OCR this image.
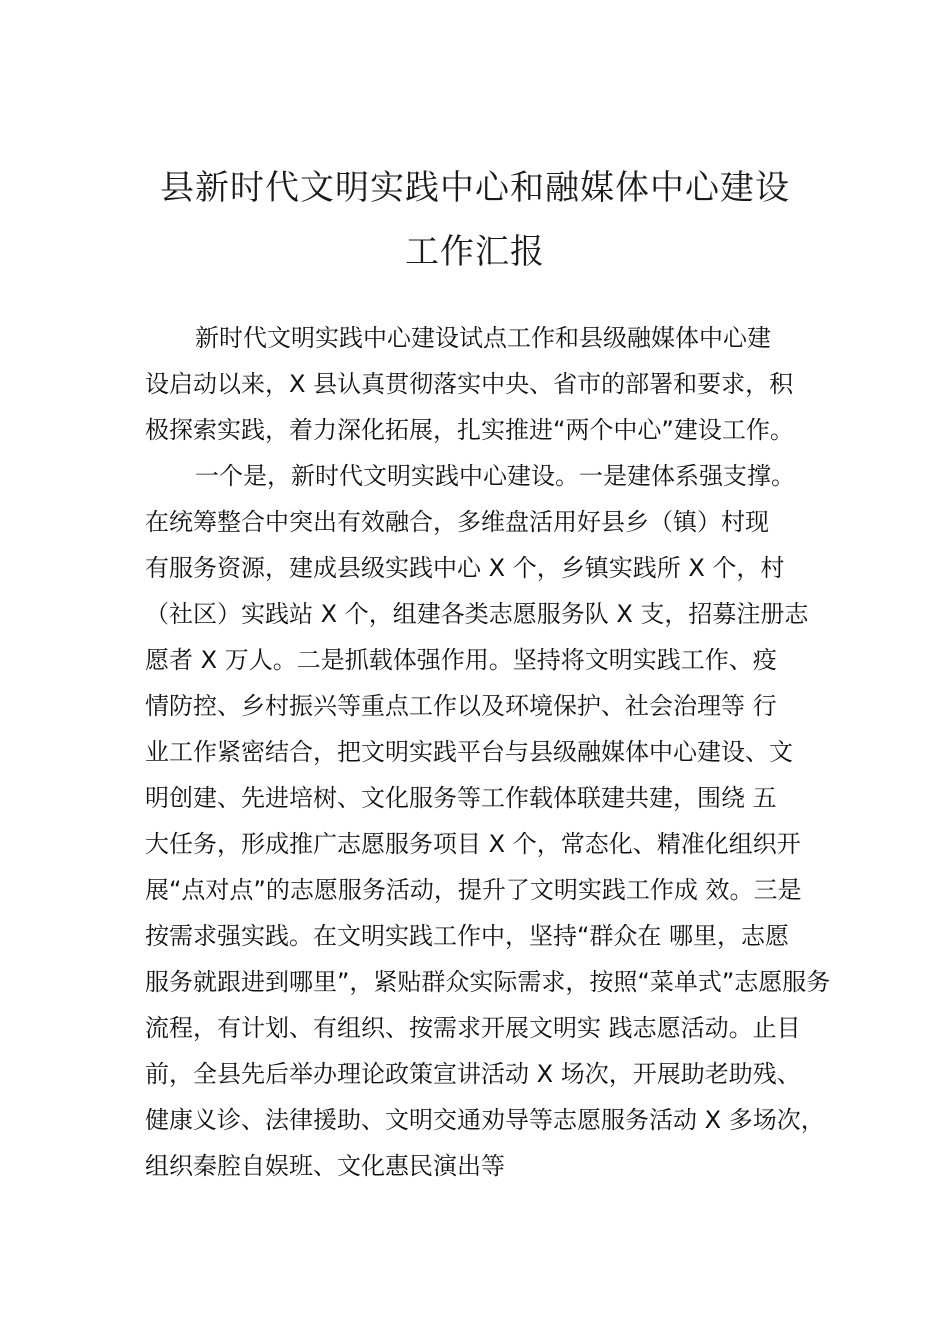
县新时代文明实践中心和融媒体中心建设
工作汇报
新时代文明实践中心建设试点工作和县级融媒体中心建
设启动以来，X 县认真贯彻落实中央、省市的部署和要求，积
极探索实践，着力深化拓展，扎实推进“两个中心”建设工作。
一个是，新时代文明实践中心建设。一是建体系强支撑。
在统筹整合中突出有效融合，多维盘活用好县乡（镇）村现
有服务资源，建成县级实践中心 X 个，乡镇实践所 X 个，村
（社区）实践站 X 个，组建各类志愿服务队 X 支，招募注册志
愿者 X 万人。二是抓载体强作用。坚持将文明实践工作、疫
情防控、乡村振兴等重点工作以及环境保护、社会治理等 行
业工作紧密结合，把文明实践平台与县级融媒体中心建设、文
明创建、先进培树、文化服务等工作载体联建共建，围绕 五
大任务，形成推广志愿服务项目 X 个，常态化、精准化组织开
展“点对点”的志愿服务活动，提升了文明实践工作成 效。三是
按需求强实践。在文明实践工作中，坚持“群众在 哪里，志愿
服务就跟进到哪里”，紧贴群众实际需求，按照“菜单式”志愿服务
流程，有计划、有组织、按需求开展文明实 践志愿活动。止目
前，全县先后举办理论政策宣讲活动 X 场次，开展助老助残、
健康义诊、法律援助、文明交通劝导等志愿服务活动 X 多场次，
组织秦腔自娱班、文化惠民演出等
